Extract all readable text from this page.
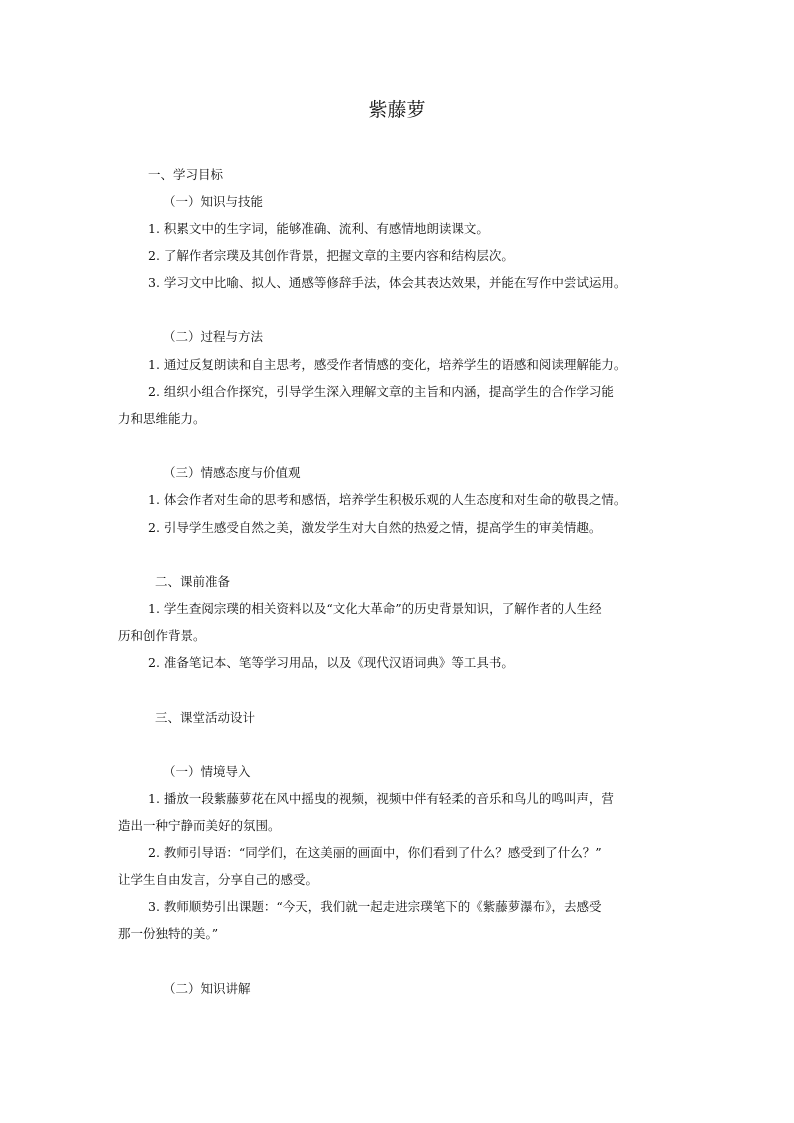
紫藤萝
一、学习目标
（一）知识与技能
1. 积累文中的生字词，能够准确、流利、有感情地朗读课文。
2. 了解作者宗璞及其创作背景，把握文章的主要内容和结构层次。
3. 学习文中比喻、拟人、通感等修辞手法，体会其表达效果，并能在写作中尝试运用。
（二）过程与方法
1. 通过反复朗读和自主思考，感受作者情感的变化，培养学生的语感和阅读理解能力。
2. 组织小组合作探究，引导学生深入理解文章的主旨和内涵，提高学生的合作学习能
力和思维能力。
（三）情感态度与价值观
1. 体会作者对生命的思考和感悟，培养学生积极乐观的人生态度和对生命的敬畏之情。
2. 引导学生感受自然之美，激发学生对大自然的热爱之情，提高学生的审美情趣。
二、课前准备
1. 学生查阅宗璞的相关资料以及“文化大革命”的历史背景知识，了解作者的人生经
历和创作背景。
2. 准备笔记本、笔等学习用品，以及《现代汉语词典》等工具书。
三、课堂活动设计
（一）情境导入
1. 播放一段紫藤萝花在风中摇曳的视频，视频中伴有轻柔的音乐和鸟儿的鸣叫声，营
造出一种宁静而美好的氛围。
2. 教师引导语：“同学们，在这美丽的画面中，你们看到了什么？感受到了什么？”
让学生自由发言，分享自己的感受。
3. 教师顺势引出课题：“今天，我们就一起走进宗璞笔下的《紫藤萝瀑布》，去感受
那一份独特的美。”
（二）知识讲解
